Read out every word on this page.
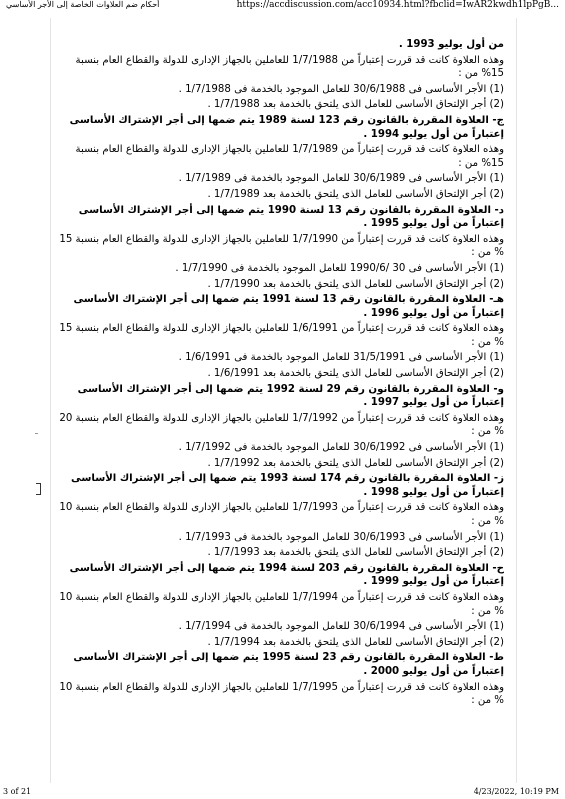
أحكام ضم العلاوات الخاصة إلى الأجر الأساسي	https://accdiscussion.com/acc10934.html?fbclid=IwAR2kwdh1lpPgB...

من أول يوليو 1993 .

وهذه العلاوة كانت قد قررت إعتباراً من 1/7/1988 للعاملين بالجهاز الإدارى للدولة والقطاع العام بنسبة 15% من :

(1) الأجر الأساسى فى 30/6/1988 للعامل الموجود بالخدمة فى 1/7/1988 .

(2) أجر الإلتحاق الأساسى للعامل الذى يلتحق بالخدمة بعد 1/7/1988 .

ج- العلاوة المقررة بالقانون رقم 123 لسنة 1989 يتم ضمها إلى أجر الإشتراك الأساسى إعتباراً من أول يوليو 1994 .

وهذه العلاوة كانت قد قررت إعتباراً من 1/7/1989 للعاملين بالجهاز الإدارى للدولة والقطاع العام بنسبة 15% من :

(1) الأجر الأساسى فى 30/6/1989 للعامل الموجود بالخدمة فى 1/7/1989 .

(2) أجر الإلتحاق الأساسى للعامل الذى يلتحق بالخدمة بعد 1/7/1989 .

د- العلاوة المقررة بالقانون رقم 13 لسنة 1990 يتم ضمها إلى أجر الإشتراك الأساسى إعتباراً من أول يوليو 1995 .

وهذه العلاوة كانت قد قررت إعتباراً من 1/7/1990 للعاملين بالجهاز الإدارى للدولة والقطاع العام بنسبة 15 % من :

(1) الأجر الأساسى فى 30 /1990/6 للعامل الموجود بالخدمة فى 1/7/1990 .

(2) أجر الإلتحاق الأساسى للعامل الذى يلتحق بالخدمة بعد 1/7/1990 .

هـ- العلاوة المقررة بالقانون رقم 13 لسنة 1991 يتم ضمها إلى أجر الإشتراك الأساسى إعتباراً من أول يوليو 1996 .

وهذه العلاوة كانت قد قررت إعتباراً من 1/6/1991 للعاملين بالجهاز الإدارى للدولة والقطاع العام بنسبة 15 % من :

(1) الأجر الأساسى فى 31/5/1991 للعامل الموجود بالخدمة فى 1/6/1991 .

(2) أجر الإلتحاق الأساسى للعامل الذى يلتحق بالخدمة بعد 1/6/1991 .

و- العلاوة المقررة بالقانون رقم 29 لسنة 1992 يتم ضمها إلى أجر الإشتراك الأساسى إعتباراً من أول يوليو 1997 .

وهذه العلاوة كانت قد قررت إعتباراً من 1/7/1992 للعاملين بالجهاز الإدارى للدولة والقطاع العام بنسبة 20 % من :

(1) الأجر الأساسى فى 30/6/1992 للعامل الموجود بالخدمة فى 1/7/1992 .

(2) أجر الإلتحاق الأساسى للعامل الذى يلتحق بالخدمة بعد 1/7/1992 .

ز- العلاوة المقررة بالقانون رقم 174 لسنة 1993 يتم ضمها إلى أجر الإشتراك الأساسى إعتباراً من أول يوليو 1998 .

وهذه العلاوة كانت قد قررت إعتباراً من 1/7/1993 للعاملين بالجهاز الإدارى للدولة والقطاع العام بنسبة 10 % من :

(1) الأجر الأساسى فى 30/6/1993 للعامل الموجود بالخدمة فى 1/7/1993 .

(2) أجر الإلتحاق الأساسى للعامل الذى يلتحق بالخدمة بعد 1/7/1993 .

ح- العلاوة المقررة بالقانون رقم 203 لسنة 1994 يتم ضمها إلى أجر الإشتراك الأساسى إعتباراً من أول يوليو 1999 .

وهذه العلاوة كانت قد قررت إعتباراً من 1/7/1994 للعاملين بالجهاز الإدارى للدولة والقطاع العام بنسبة 10 % من :

(1) الأجر الأساسى فى 30/6/1994 للعامل الموجود بالخدمة فى 1/7/1994 .

(2) أجر الإلتحاق الأساسى للعامل الذى يلتحق بالخدمة بعد 1/7/1994 .

ط- العلاوة المقررة بالقانون رقم 23 لسنة 1995 يتم ضمها إلى أجر الإشتراك الأساسى إعتباراً من أول يوليو 2000 .

وهذه العلاوة كانت قد قررت إعتباراً من 1/7/1995 للعاملين بالجهاز الإدارى للدولة والقطاع العام بنسبة 10 % من :

3 of 21	4/23/2022, 10:19 PM
